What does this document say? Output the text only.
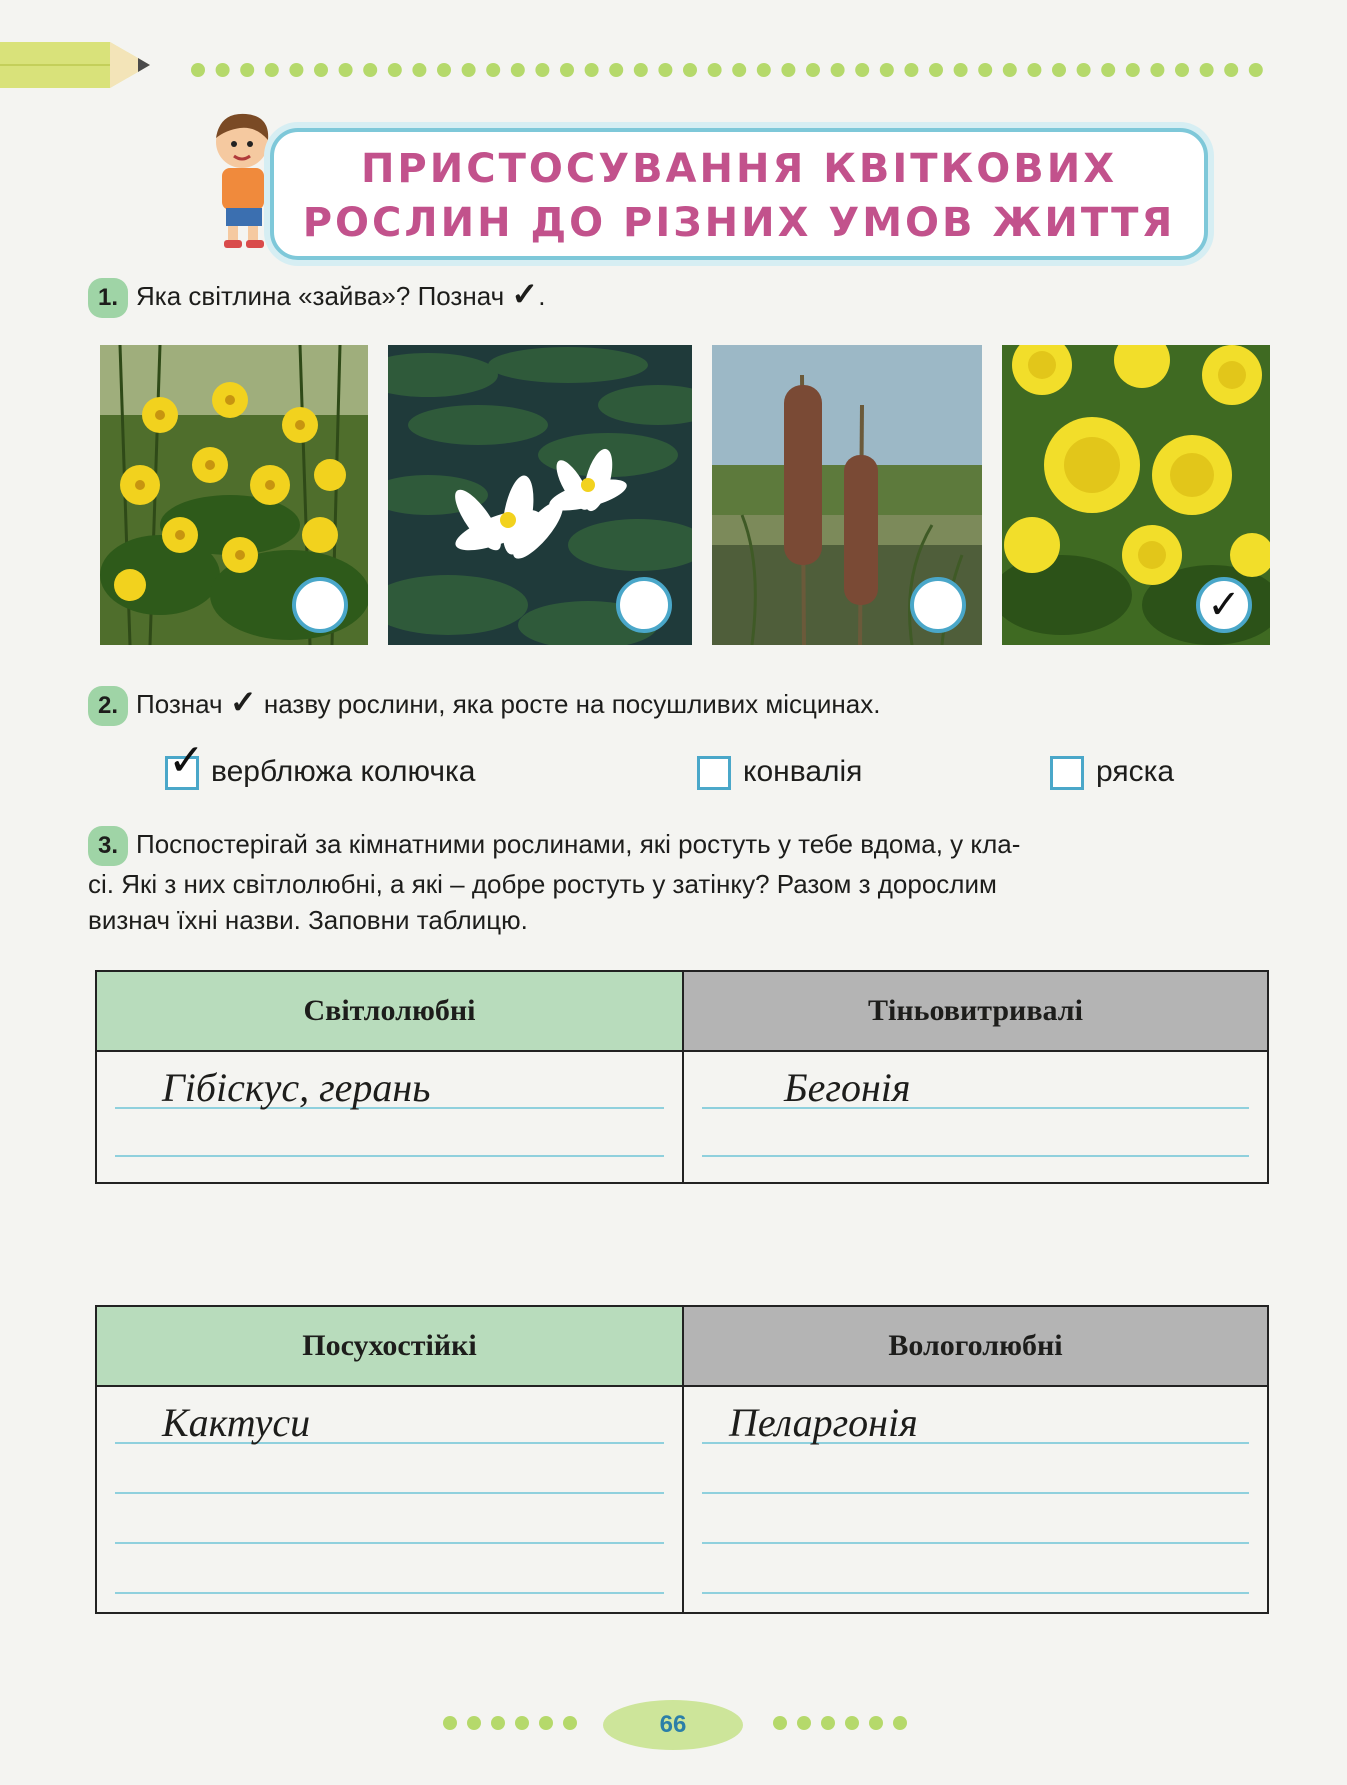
ПРИСТОСУВАННЯ КВІТКОВИХ
РОСЛИН ДО РІЗНИХ УМОВ ЖИТТЯ
1. Яка світлина «зайва»? Познач ✓.
✓
2. Познач ✓ назву рослини, яка росте на посушливих місцинах.
✓ верблюжа колючка	конвалія	ряска
3. Поспостерігай за кімнатними рослинами, які ростуть у тебе вдома, у кла-
сі. Які з них світлолюбні, а які – добре ростуть у затінку? Разом з дорослим
визнач їхні назви. Заповни таблицю.
Світлолюбні
Гібіскус, герань
Тіньовитривалі
Бегонія
Посухостійкі
Кактуси
Вологолюбні
Пеларгонія
66
